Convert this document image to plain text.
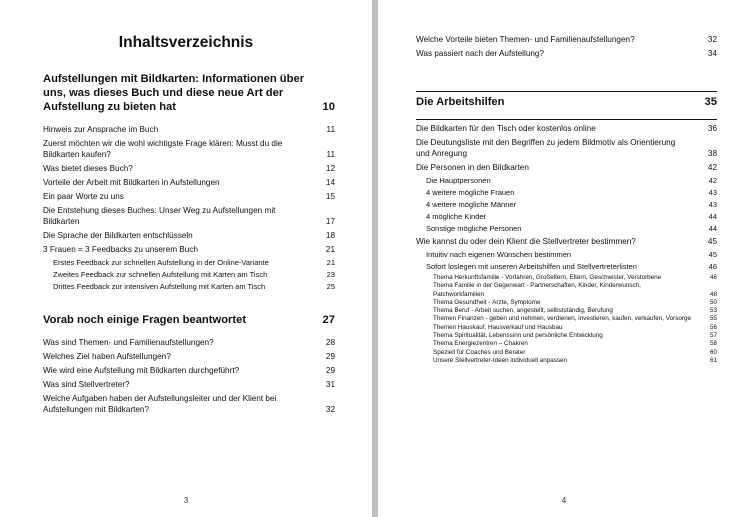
Inhaltsverzeichnis
Aufstellungen mit Bildkarten: Informationen über uns, was dieses Buch und diese neue Art der Aufstellung zu bieten hat .....	10
Hinweis zur Ansprache im Buch .....	11
Zuerst möchten wir die wohl wichtigste Frage klären: Musst du die Bildkarten kaufen? .....	11
Was bietet dieses Buch? .....	12
Vorteile der Arbeit mit Bildkarten in Aufstellungen .....	14
Ein paar Worte zu uns .....	15
Die Entstehung dieses Buches: Unser Weg zu Aufstellungen mit Bildkarten .....	17
Die Sprache der Bildkarten entschlüsseln .....	18
3 Frauen = 3 Feedbacks zu unserem Buch .....	21
Erstes Feedback zur schnellen Aufstellung in der Online-Variante .....	21
Zweites Feedback zur schnellen Aufstellung mit Karten am Tisch .....	23
Drittes Feedback zur intensiven Aufstellung mit Karten am Tisch .....	25
Vorab noch einige Fragen beantwortet .....	27
Was sind Themen- und Familienaufstellungen? .....	28
Welches Ziel haben Aufstellungen? .....	29
Wie wird eine Aufstellung mit Bildkarten durchgeführt? .....	29
Was sind Stellvertreter? .....	31
Welche Aufgaben haben der Aufstellungsleiter und der Klient bei Aufstellungen mit Bildkarten? .....	32
3
Welche Vorteile bieten Themen- und Familienaufstellungen? .....	32
Was passiert nach der Aufstellung? .....	34
Die Arbeitshilfen .....	35
Die Bildkarten für den Tisch oder kostenlos online .....	36
Die Deutungsliste mit den Begriffen zu jedem Bildmotiv als Orientierung und Anregung .....	38
Die Personen in den Bildkarten .....	42
Die Hauptpersonen .....	42
4 weitere mögliche Frauen .....	43
4 weitere mögliche Männer .....	43
4 mögliche Kinder .....	44
Sonstige mögliche Personen .....	44
Wie kannst du oder dein Klient die Stellvertreter bestimmen? .....	45
Intuitiv nach eigenen Wünschen bestimmen .....	45
Sofort loslegen mit unseren Arbeitshilfen und Stellvertreterlisten .....	46
Thema Herkunftsfamilie - Vorfahren, Großeltern, Eltern, Geschwister, Verstorbene .....	46
Thema Familie in der Gegenwart - Partnerschaften, Kinder, Kinderwunsch, Patchworkfamilien .....	48
Thema Gesundheit - Ärzte, Symptome .....	50
Thema Beruf - Arbeit suchen, angestellt, selbstständig, Berufung .....	53
Themen Finanzen - geben und nehmen, verdienen, investieren, kaufen, verkaufen, Vorsorge .....	55
Themen Hauskauf, Hausverkauf und Hausbau .....	56
Thema Spiritualität, Lebenssinn und persönliche Entwicklung .....	57
Thema Energiezentren – Chakren .....	58
Speziell für Coaches und Berater .....	60
Unsere Stellvertreter-Ideen individuell anpassen .....	61
4
